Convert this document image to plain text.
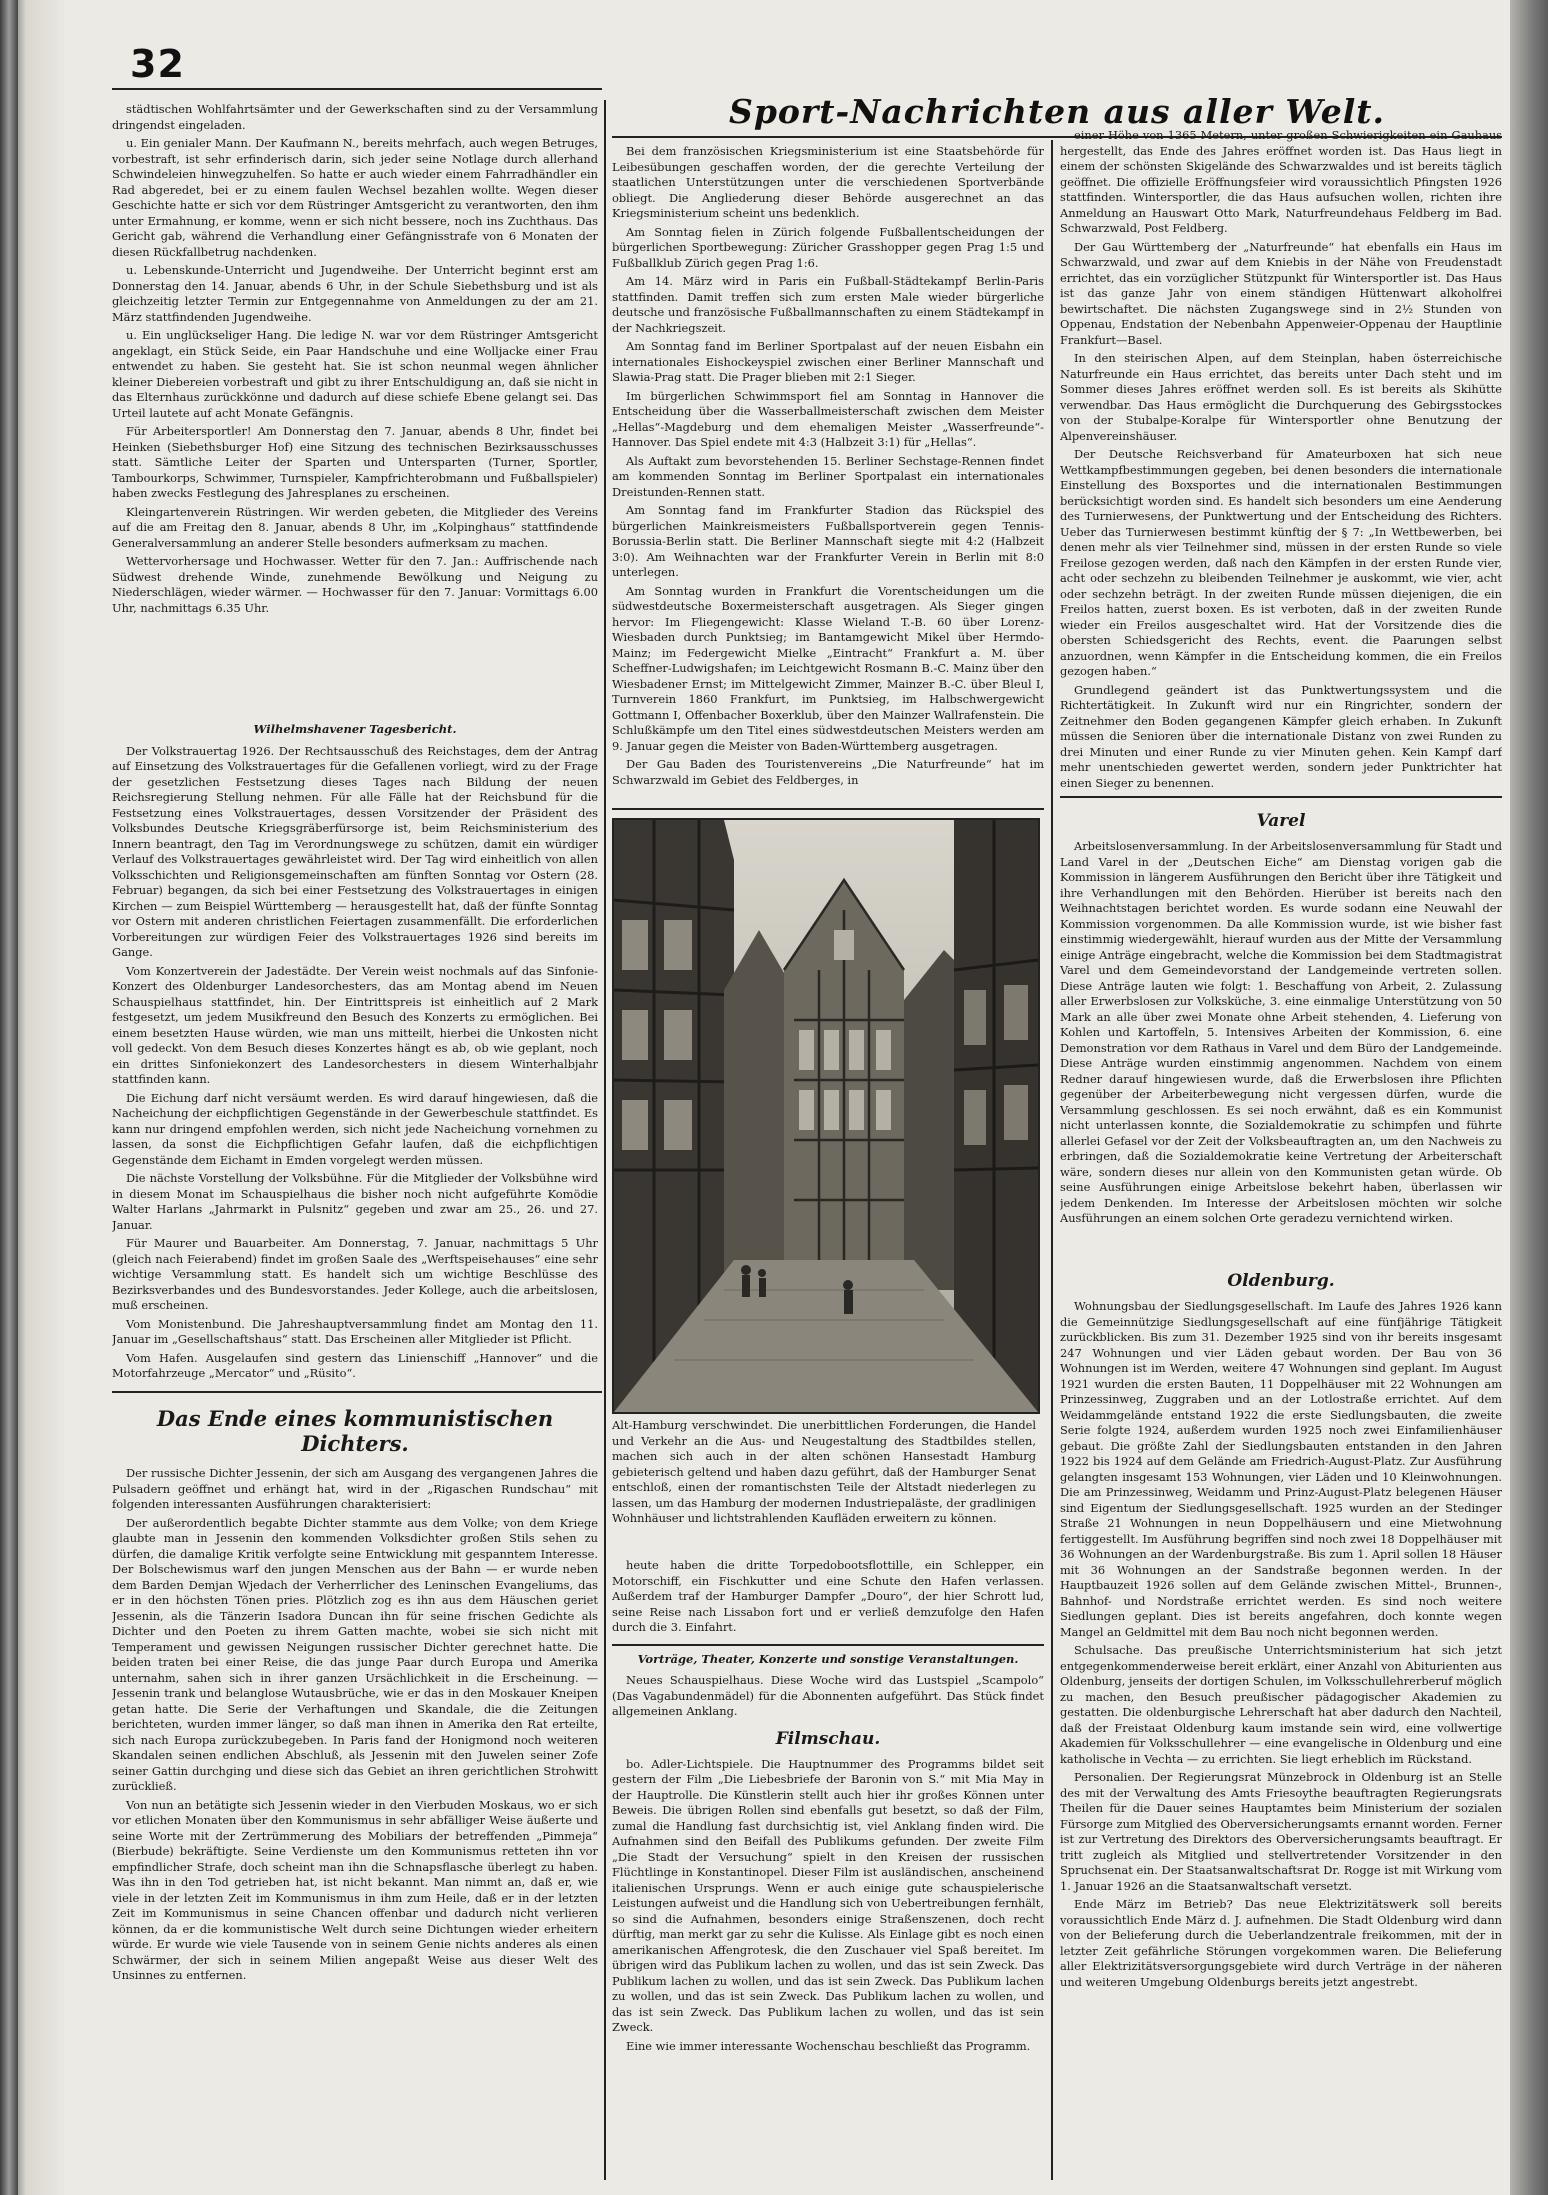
32
Sport-Nachrichten aus aller Welt.

städtischen Wohlfahrtsämter und der Gewerkschaften sind zu der Versammlung dringendst eingeladen.

u. Ein genialer Mann. Der Kaufmann N., bereits mehrfach, auch wegen Betruges, vorbestraft, ist sehr erfinderisch darin, sich jeder seine Notlage durch allerhand Schwindeleien hinwegzuhelfen. So hatte er auch wieder einem Fahrradhändler ein Rad abgeredet, bei er zu einem faulen Wechsel bezahlen wollte. Wegen dieser Geschichte hatte er sich vor dem Rüstringer Amtsgericht zu verantworten, den ihm unter Ermahnung, er komme, wenn er sich nicht bessere, noch ins Zuchthaus. Das Gericht gab, während die Verhandlung einer Gefängnisstrafe von 6 Monaten der diesen Rückfallbetrug nachdenken.

u. Lebenskunde-Unterricht und Jugendweihe. Der Unterricht beginnt erst am Donnerstag den 14. Januar, abends 6 Uhr, in der Schule Siebethsburg und ist als gleichzeitig letzter Termin zur Entgegennahme von Anmeldungen zu der am 21. März stattfindenden Jugendweihe.

u. Ein unglückseliger Hang. Die ledige N. war vor dem Rüstringer Amtsgericht angeklagt, ein Stück Seide, ein Paar Handschuhe und eine Wolljacke einer Frau entwendet zu haben. Sie gesteht hat. Sie ist schon neunmal wegen ähnlicher kleiner Diebereien vorbestraft und gibt zu ihrer Entschuldigung an, daß sie nicht in das Elternhaus zurückkönne und dadurch auf diese schiefe Ebene gelangt sei. Das Urteil lautete auf acht Monate Gefängnis.

Für Arbeitersportler! Am Donnerstag den 7. Januar, abends 8 Uhr, findet bei Heinken (Siebethsburger Hof) eine Sitzung des technischen Bezirksausschusses statt. Sämtliche Leiter der Sparten und Untersparten (Turner, Sportler, Tambourkorps, Schwimmer, Turnspieler, Kampfrichterobmann und Fußballspieler) haben zwecks Festlegung des Jahresplanes zu erscheinen.

Kleingartenverein Rüstringen. Wir werden gebeten, die Mitglieder des Vereins auf die am Freitag den 8. Januar, abends 8 Uhr, im „Kolpinghaus“ stattfindende Generalversammlung an anderer Stelle besonders aufmerksam zu machen.

Wettervorhersage und Hochwasser. Wetter für den 7. Jan.: Auffrischende nach Südwest drehende Winde, zunehmende Bewölkung und Neigung zu Niederschlägen, wieder wärmer. — Hochwasser für den 7. Januar: Vormittags 6.00 Uhr, nachmittags 6.35 Uhr.

Wilhelmshavener Tagesbericht.

Der Volkstrauertag 1926. Der Rechtsausschuß des Reichstages, dem der Antrag auf Einsetzung des Volkstrauertages für die Gefallenen vorliegt, wird zu der Frage der gesetzlichen Festsetzung dieses Tages nach Bildung der neuen Reichsregierung Stellung nehmen. Für alle Fälle hat der Reichsbund für die Festsetzung eines Volkstrauertages, dessen Vorsitzender der Präsident des Volksbundes Deutsche Kriegsgräberfürsorge ist, beim Reichsministerium des Innern beantragt, den Tag im Verordnungswege zu schützen, damit ein würdiger Verlauf des Volkstrauertages gewährleistet wird. Der Tag wird einheitlich von allen Volksschichten und Religionsgemeinschaften am fünften Sonntag vor Ostern (28. Februar) begangen, da sich bei einer Festsetzung des Volkstrauertages in einigen Kirchen — zum Beispiel Württemberg — herausgestellt hat, daß der fünfte Sonntag vor Ostern mit anderen christlichen Feiertagen zusammenfällt. Die erforderlichen Vorbereitungen zur würdigen Feier des Volkstrauertages 1926 sind bereits im Gange.

Vom Konzertverein der Jadestädte. Der Verein weist nochmals auf das Sinfonie-Konzert des Oldenburger Landesorchesters, das am Montag abend im Neuen Schauspielhaus stattfindet, hin. Der Eintrittspreis ist einheitlich auf 2 Mark festgesetzt, um jedem Musikfreund den Besuch des Konzerts zu ermöglichen. Bei einem besetzten Hause würden, wie man uns mitteilt, hierbei die Unkosten nicht voll gedeckt. Von dem Besuch dieses Konzertes hängt es ab, ob wie geplant, noch ein drittes Sinfoniekonzert des Landesorchesters in diesem Winterhalbjahr stattfinden kann.

Die Eichung darf nicht versäumt werden. Es wird darauf hingewiesen, daß die Nacheichung der eichpflichtigen Gegenstände in der Gewerbeschule stattfindet. Es kann nur dringend empfohlen werden, sich nicht jede Nacheichung vornehmen zu lassen, da sonst die Eichpflichtigen Gefahr laufen, daß die eichpflichtigen Gegenstände dem Eichamt in Emden vorgelegt werden müssen.

Die nächste Vorstellung der Volksbühne. Für die Mitglieder der Volksbühne wird in diesem Monat im Schauspielhaus die bisher noch nicht aufgeführte Komödie Walter Harlans „Jahrmarkt in Pulsnitz“ gegeben und zwar am 25., 26. und 27. Januar.

Für Maurer und Bauarbeiter. Am Donnerstag, 7. Januar, nachmittags 5 Uhr (gleich nach Feierabend) findet im großen Saale des „Werftspeisehauses“ eine sehr wichtige Versammlung statt. Es handelt sich um wichtige Beschlüsse des Bezirksverbandes und des Bundesvorstandes. Jeder Kollege, auch die arbeitslosen, muß erscheinen.

Vom Monistenbund. Die Jahreshauptversammlung findet am Montag den 11. Januar im „Gesellschaftshaus“ statt. Das Erscheinen aller Mitglieder ist Pflicht.

Vom Hafen. Ausgelaufen sind gestern das Linienschiff „Hannover“ und die Motorfahrzeuge „Mercator“ und „Rüsito“.

Das Ende eines kommunistischen Dichters.

Der russische Dichter Jessenin, der sich am Ausgang des vergangenen Jahres die Pulsadern geöffnet und erhängt hat, wird in der „Rigaschen Rundschau“ mit folgenden interessanten Ausführungen charakterisiert:

Der außerordentlich begabte Dichter stammte aus dem Volke; von dem Kriege glaubte man in Jessenin den kommenden Volksdichter großen Stils sehen zu dürfen, die damalige Kritik verfolgte seine Entwicklung mit gespanntem Interesse. Der Bolschewismus warf den jungen Menschen aus der Bahn — er wurde neben dem Barden Demjan Wjedach der Verherrlicher des Leninschen Evangeliums, das er in den höchsten Tönen pries. Plötzlich zog es ihn aus dem Häuschen geriet Jessenin, als die Tänzerin Isadora Duncan ihn für seine frischen Gedichte als Dichter und den Poeten zu ihrem Gatten machte, wobei sie sich nicht mit Temperament und gewissen Neigungen russischer Dichter gerechnet hatte. Die beiden traten bei einer Reise, die das junge Paar durch Europa und Amerika unternahm, sahen sich in ihrer ganzen Ursächlichkeit in die Erscheinung. — Jessenin trank und belanglose Wutausbrüche, wie er das in den Moskauer Kneipen getan hatte. Die Serie der Verhaftungen und Skandale, die die Zeitungen berichteten, wurden immer länger, so daß man ihnen in Amerika den Rat erteilte, sich nach Europa zurückzubegeben. In Paris fand der Honigmond noch weiteren Skandalen seinen endlichen Abschluß, als Jessenin mit den Juwelen seiner Zofe seiner Gattin durchging und diese sich das Gebiet an ihren gerichtlichen Strohwitt zurückließ.

Von nun an betätigte sich Jessenin wieder in den Vierbuden Moskaus, wo er sich vor etlichen Monaten über den Kommunismus in sehr abfälliger Weise äußerte und seine Worte mit der Zertrümmerung des Mobiliars der betreffenden „Pimmeja“ (Bierbude) bekräftigte. Seine Verdienste um den Kommunismus retteten ihn vor empfindlicher Strafe, doch scheint man ihn die Schnapsflasche überlegt zu haben. Was ihn in den Tod getrieben hat, ist nicht bekannt. Man nimmt an, daß er, wie viele in der letzten Zeit im Kommunismus in ihm zum Heile, daß er in der letzten Zeit im Kommunismus in seine Chancen offenbar und dadurch nicht verlieren können, da er die kommunistische Welt durch seine Dichtungen wieder erheitern würde. Er wurde wie viele Tausende von in seinem Genie nichts anderes als einen Schwärmer, der sich in seinem Milien angepaßt Weise aus dieser Welt des Unsinnes zu entfernen.

Bei dem französischen Kriegsministerium ist eine Staatsbehörde für Leibesübungen geschaffen worden, der die gerechte Verteilung der staatlichen Unterstützungen unter die verschiedenen Sportverbände obliegt. Die Angliederung dieser Behörde ausgerechnet an das Kriegsministerium scheint uns bedenklich.

Am Sonntag fielen in Zürich folgende Fußballentscheidungen der bürgerlichen Sportbewegung: Züricher Grasshopper gegen Prag 1:5 und Fußballklub Zürich gegen Prag 1:6.

Am 14. März wird in Paris ein Fußball-Städtekampf Berlin-Paris stattfinden. Damit treffen sich zum ersten Male wieder bürgerliche deutsche und französische Fußballmannschaften zu einem Städtekampf in der Nachkriegszeit.

Am Sonntag fand im Berliner Sportpalast auf der neuen Eisbahn ein internationales Eishockeyspiel zwischen einer Berliner Mannschaft und Slawia-Prag statt. Die Prager blieben mit 2:1 Sieger.

Im bürgerlichen Schwimmsport fiel am Sonntag in Hannover die Entscheidung über die Wasserballmeisterschaft zwischen dem Meister „Hellas“-Magdeburg und dem ehemaligen Meister „Wasserfreunde“-Hannover. Das Spiel endete mit 4:3 (Halbzeit 3:1) für „Hellas“.

Als Auftakt zum bevorstehenden 15. Berliner Sechstage-Rennen findet am kommenden Sonntag im Berliner Sportpalast ein internationales Dreistunden-Rennen statt.

Am Sonntag fand im Frankfurter Stadion das Rückspiel des bürgerlichen Mainkreismeisters Fußballsportverein gegen Tennis-Borussia-Berlin statt. Die Berliner Mannschaft siegte mit 4:2 (Halbzeit 3:0). Am Weihnachten war der Frankfurter Verein in Berlin mit 8:0 unterlegen.

Am Sonntag wurden in Frankfurt die Vorentscheidungen um die südwestdeutsche Boxermeisterschaft ausgetragen. Als Sieger gingen hervor: Im Fliegengewicht: Klasse Wieland T.-B. 60 über Lorenz-Wiesbaden durch Punktsieg; im Bantamgewicht Mikel über Hermdo-Mainz; im Federgewicht Mielke „Eintracht“ Frankfurt a. M. über Scheffner-Ludwigshafen; im Leichtgewicht Rosmann B.-C. Mainz über den Wiesbadener Ernst; im Mittelgewicht Zimmer, Mainzer B.-C. über Bleul I, Turnverein 1860 Frankfurt, im Punktsieg, im Halbschwergewicht Gottmann I, Offenbacher Boxerklub, über den Mainzer Wallrafenstein. Die Schlußkämpfe um den Titel eines südwestdeutschen Meisters werden am 9. Januar gegen die Meister von Baden-Württemberg ausgetragen.

Der Gau Baden des Touristenvereins „Die Naturfreunde“ hat im Schwarzwald im Gebiet des Feldberges, in

Alt-Hamburg verschwindet. Die unerbittlichen Forderungen, die Handel und Verkehr an die Aus- und Neugestaltung des Stadtbildes stellen, machen sich auch in der alten schönen Hansestadt Hamburg gebieterisch geltend und haben dazu geführt, daß der Hamburger Senat entschloß, einen der romantischsten Teile der Altstadt niederlegen zu lassen, um das Hamburg der modernen Industriepaläste, der gradlinigen Wohnhäuser und lichtstrahlenden Kaufläden erweitern zu können.

heute haben die dritte Torpedobootsflottille, ein Schlepper, ein Motorschiff, ein Fischkutter und eine Schute den Hafen verlassen. Außerdem traf der Hamburger Dampfer „Douro“, der hier Schrott lud, seine Reise nach Lissabon fort und er verließ demzufolge den Hafen durch die 3. Einfahrt.

Vorträge, Theater, Konzerte und sonstige Veranstaltungen.

Neues Schauspielhaus. Diese Woche wird das Lustspiel „Scampolo“ (Das Vagabundenmädel) für die Abonnenten aufgeführt. Das Stück findet allgemeinen Anklang.

Filmschau.

bo. Adler-Lichtspiele. Die Hauptnummer des Programms bildet seit gestern der Film „Die Liebesbriefe der Baronin von S.“ mit Mia May in der Hauptrolle. Die Künstlerin stellt auch hier ihr großes Können unter Beweis. Die übrigen Rollen sind ebenfalls gut besetzt, so daß der Film, zumal die Handlung fast durchsichtig ist, viel Anklang finden wird. Die Aufnahmen sind den Beifall des Publikums gefunden. Der zweite Film „Die Stadt der Versuchung“ spielt in den Kreisen der russischen Flüchtlinge in Konstantinopel. Dieser Film ist ausländischen, anscheinend italienischen Ursprungs. Wenn er auch einige gute schauspielerische Leistungen aufweist und die Handlung sich von Uebertreibungen fernhält, so sind die Aufnahmen, besonders einige Straßenszenen, doch recht dürftig, man merkt gar zu sehr die Kulisse. Als Einlage gibt es noch einen amerikanischen Affengrotesk, die den Zuschauer viel Spaß bereitet. Im übrigen wird das Publikum lachen zu wollen, und das ist sein Zweck. Das Publikum lachen zu wollen, und das ist sein Zweck. Das Publikum lachen zu wollen, und das ist sein Zweck. Das Publikum lachen zu wollen, und das ist sein Zweck. Das Publikum lachen zu wollen, und das ist sein Zweck.

Eine wie immer interessante Wochenschau beschließt das Programm.

einer Höhe von 1365 Metern, unter großen Schwierigkeiten ein Gauhaus hergestellt, das Ende des Jahres eröffnet worden ist. Das Haus liegt in einem der schönsten Skigelände des Schwarzwaldes und ist bereits täglich geöffnet. Die offizielle Eröffnungsfeier wird voraussichtlich Pfingsten 1926 stattfinden. Wintersportler, die das Haus aufsuchen wollen, richten ihre Anmeldung an Hauswart Otto Mark, Naturfreundehaus Feldberg im Bad. Schwarzwald, Post Feldberg.

Der Gau Württemberg der „Naturfreunde“ hat ebenfalls ein Haus im Schwarzwald, und zwar auf dem Kniebis in der Nähe von Freudenstadt errichtet, das ein vorzüglicher Stützpunkt für Wintersportler ist. Das Haus ist das ganze Jahr von einem ständigen Hüttenwart alkoholfrei bewirtschaftet. Die nächsten Zugangswege sind in 2½ Stunden von Oppenau, Endstation der Nebenbahn Appenweier-Oppenau der Hauptlinie Frankfurt—Basel.

In den steirischen Alpen, auf dem Steinplan, haben österreichische Naturfreunde ein Haus errichtet, das bereits unter Dach steht und im Sommer dieses Jahres eröffnet werden soll. Es ist bereits als Skihütte verwendbar. Das Haus ermöglicht die Durchquerung des Gebirgsstockes von der Stubalpe-Koralpe für Wintersportler ohne Benutzung der Alpenvereinshäuser.

Der Deutsche Reichsverband für Amateurboxen hat sich neue Wettkampfbestimmungen gegeben, bei denen besonders die internationale Einstellung des Boxsportes und die internationalen Bestimmungen berücksichtigt worden sind. Es handelt sich besonders um eine Aenderung des Turnierwesens, der Punktwertung und der Entscheidung des Richters. Ueber das Turnierwesen bestimmt künftig der § 7: „In Wettbewerben, bei denen mehr als vier Teilnehmer sind, müssen in der ersten Runde so viele Freilose gezogen werden, daß nach den Kämpfen in der ersten Runde vier, acht oder sechzehn zu bleibenden Teilnehmer je auskommt, wie vier, acht oder sechzehn beträgt. In der zweiten Runde müssen diejenigen, die ein Freilos hatten, zuerst boxen. Es ist verboten, daß in der zweiten Runde wieder ein Freilos ausgeschaltet wird. Hat der Vorsitzende dies die obersten Schiedsgericht des Rechts, event. die Paarungen selbst anzuordnen, wenn Kämpfer in die Entscheidung kommen, die ein Freilos gezogen haben.“

Grundlegend geändert ist das Punktwertungssystem und die Richtertätigkeit. In Zukunft wird nur ein Ringrichter, sondern der Zeitnehmer den Boden gegangenen Kämpfer gleich erhaben. In Zukunft müssen die Senioren über die internationale Distanz von zwei Runden zu drei Minuten und einer Runde zu vier Minuten gehen. Kein Kampf darf mehr unentschieden gewertet werden, sondern jeder Punktrichter hat einen Sieger zu benennen.

Varel

Arbeitslosenversammlung. In der Arbeitslosenversammlung für Stadt und Land Varel in der „Deutschen Eiche“ am Dienstag vorigen gab die Kommission in längerem Ausführungen den Bericht über ihre Tätigkeit und ihre Verhandlungen mit den Behörden. Hierüber ist bereits nach den Weihnachtstagen berichtet worden. Es wurde sodann eine Neuwahl der Kommission vorgenommen. Da alle Kommission wurde, ist wie bisher fast einstimmig wiedergewählt, hierauf wurden aus der Mitte der Versammlung einige Anträge eingebracht, welche die Kommission bei dem Stadtmagistrat Varel und dem Gemeindevorstand der Landgemeinde vertreten sollen. Diese Anträge lauten wie folgt: 1. Beschaffung von Arbeit, 2. Zulassung aller Erwerbslosen zur Volksküche, 3. eine einmalige Unterstützung von 50 Mark an alle über zwei Monate ohne Arbeit stehenden, 4. Lieferung von Kohlen und Kartoffeln, 5. Intensives Arbeiten der Kommission, 6. eine Demonstration vor dem Rathaus in Varel und dem Büro der Landgemeinde. Diese Anträge wurden einstimmig angenommen. Nachdem von einem Redner darauf hingewiesen wurde, daß die Erwerbslosen ihre Pflichten gegenüber der Arbeiterbewegung nicht vergessen dürfen, wurde die Versammlung geschlossen. Es sei noch erwähnt, daß es ein Kommunist nicht unterlassen konnte, die Sozialdemokratie zu schimpfen und führte allerlei Gefasel vor der Zeit der Volksbeauftragten an, um den Nachweis zu erbringen, daß die Sozialdemokratie keine Vertretung der Arbeiterschaft wäre, sondern dieses nur allein von den Kommunisten getan würde. Ob seine Ausführungen einige Arbeitslose bekehrt haben, überlassen wir jedem Denkenden. Im Interesse der Arbeitslosen möchten wir solche Ausführungen an einem solchen Orte geradezu vernichtend wirken.

Oldenburg.

Wohnungsbau der Siedlungsgesellschaft. Im Laufe des Jahres 1926 kann die Gemeinnützige Siedlungsgesellschaft auf eine fünfjährige Tätigkeit zurückblicken. Bis zum 31. Dezember 1925 sind von ihr bereits insgesamt 247 Wohnungen und vier Läden gebaut worden. Der Bau von 36 Wohnungen ist im Werden, weitere 47 Wohnungen sind geplant. Im August 1921 wurden die ersten Bauten, 11 Doppelhäuser mit 22 Wohnungen am Prinzessinweg, Zuggraben und an der Lotlostraße errichtet. Auf dem Weidammgelände entstand 1922 die erste Siedlungsbauten, die zweite Serie folgte 1924, außerdem wurden 1925 noch zwei Einfamilienhäuser gebaut. Die größte Zahl der Siedlungsbauten entstanden in den Jahren 1922 bis 1924 auf dem Gelände am Friedrich-August-Platz. Zur Ausführung gelangten insgesamt 153 Wohnungen, vier Läden und 10 Kleinwohnungen. Die am Prinzessinweg, Weidamm und Prinz-August-Platz belegenen Häuser sind Eigentum der Siedlungsgesellschaft. 1925 wurden an der Stedinger Straße 21 Wohnungen in neun Doppelhäusern und eine Mietwohnung fertiggestellt. Im Ausführung begriffen sind noch zwei 18 Doppelhäuser mit 36 Wohnungen an der Wardenburgstraße. Bis zum 1. April sollen 18 Häuser mit 36 Wohnungen an der Sandstraße begonnen werden. In der Hauptbauzeit 1926 sollen auf dem Gelände zwischen Mittel-, Brunnen-, Bahnhof- und Nordstraße errichtet werden. Es sind noch weitere Siedlungen geplant. Dies ist bereits angefahren, doch konnte wegen Mangel an Geldmittel mit dem Bau noch nicht begonnen werden.

Schulsache. Das preußische Unterrichtsministerium hat sich jetzt entgegenkommenderweise bereit erklärt, einer Anzahl von Abiturienten aus Oldenburg, jenseits der dortigen Schulen, im Volksschullehrerberuf möglich zu machen, den Besuch preußischer pädagogischer Akademien zu gestatten. Die oldenburgische Lehrerschaft hat aber dadurch den Nachteil, daß der Freistaat Oldenburg kaum imstande sein wird, eine vollwertige Akademien für Volksschullehrer — eine evangelische in Oldenburg und eine katholische in Vechta — zu errichten. Sie liegt erheblich im Rückstand.

Personalien. Der Regierungsrat Münzebrock in Oldenburg ist an Stelle des mit der Verwaltung des Amts Friesoythe beauftragten Regierungsrats Theilen für die Dauer seines Hauptamtes beim Ministerium der sozialen Fürsorge zum Mitglied des Oberversicherungsamts ernannt worden. Ferner ist zur Vertretung des Direktors des Oberversicherungsamts beauftragt. Er tritt zugleich als Mitglied und stellvertretender Vorsitzender in den Spruchsenat ein. Der Staatsanwaltschaftsrat Dr. Rogge ist mit Wirkung vom 1. Januar 1926 an die Staatsanwaltschaft versetzt.

Ende März im Betrieb? Das neue Elektrizitätswerk soll bereits voraussichtlich Ende März d. J. aufnehmen. Die Stadt Oldenburg wird dann von der Belieferung durch die Ueberlandzentrale freikommen, mit der in letzter Zeit gefährliche Störungen vorgekommen waren. Die Belieferung aller Elektrizitätsversorgungsgebiete wird durch Verträge in der näheren und weiteren Umgebung Oldenburgs bereits jetzt angestrebt.
